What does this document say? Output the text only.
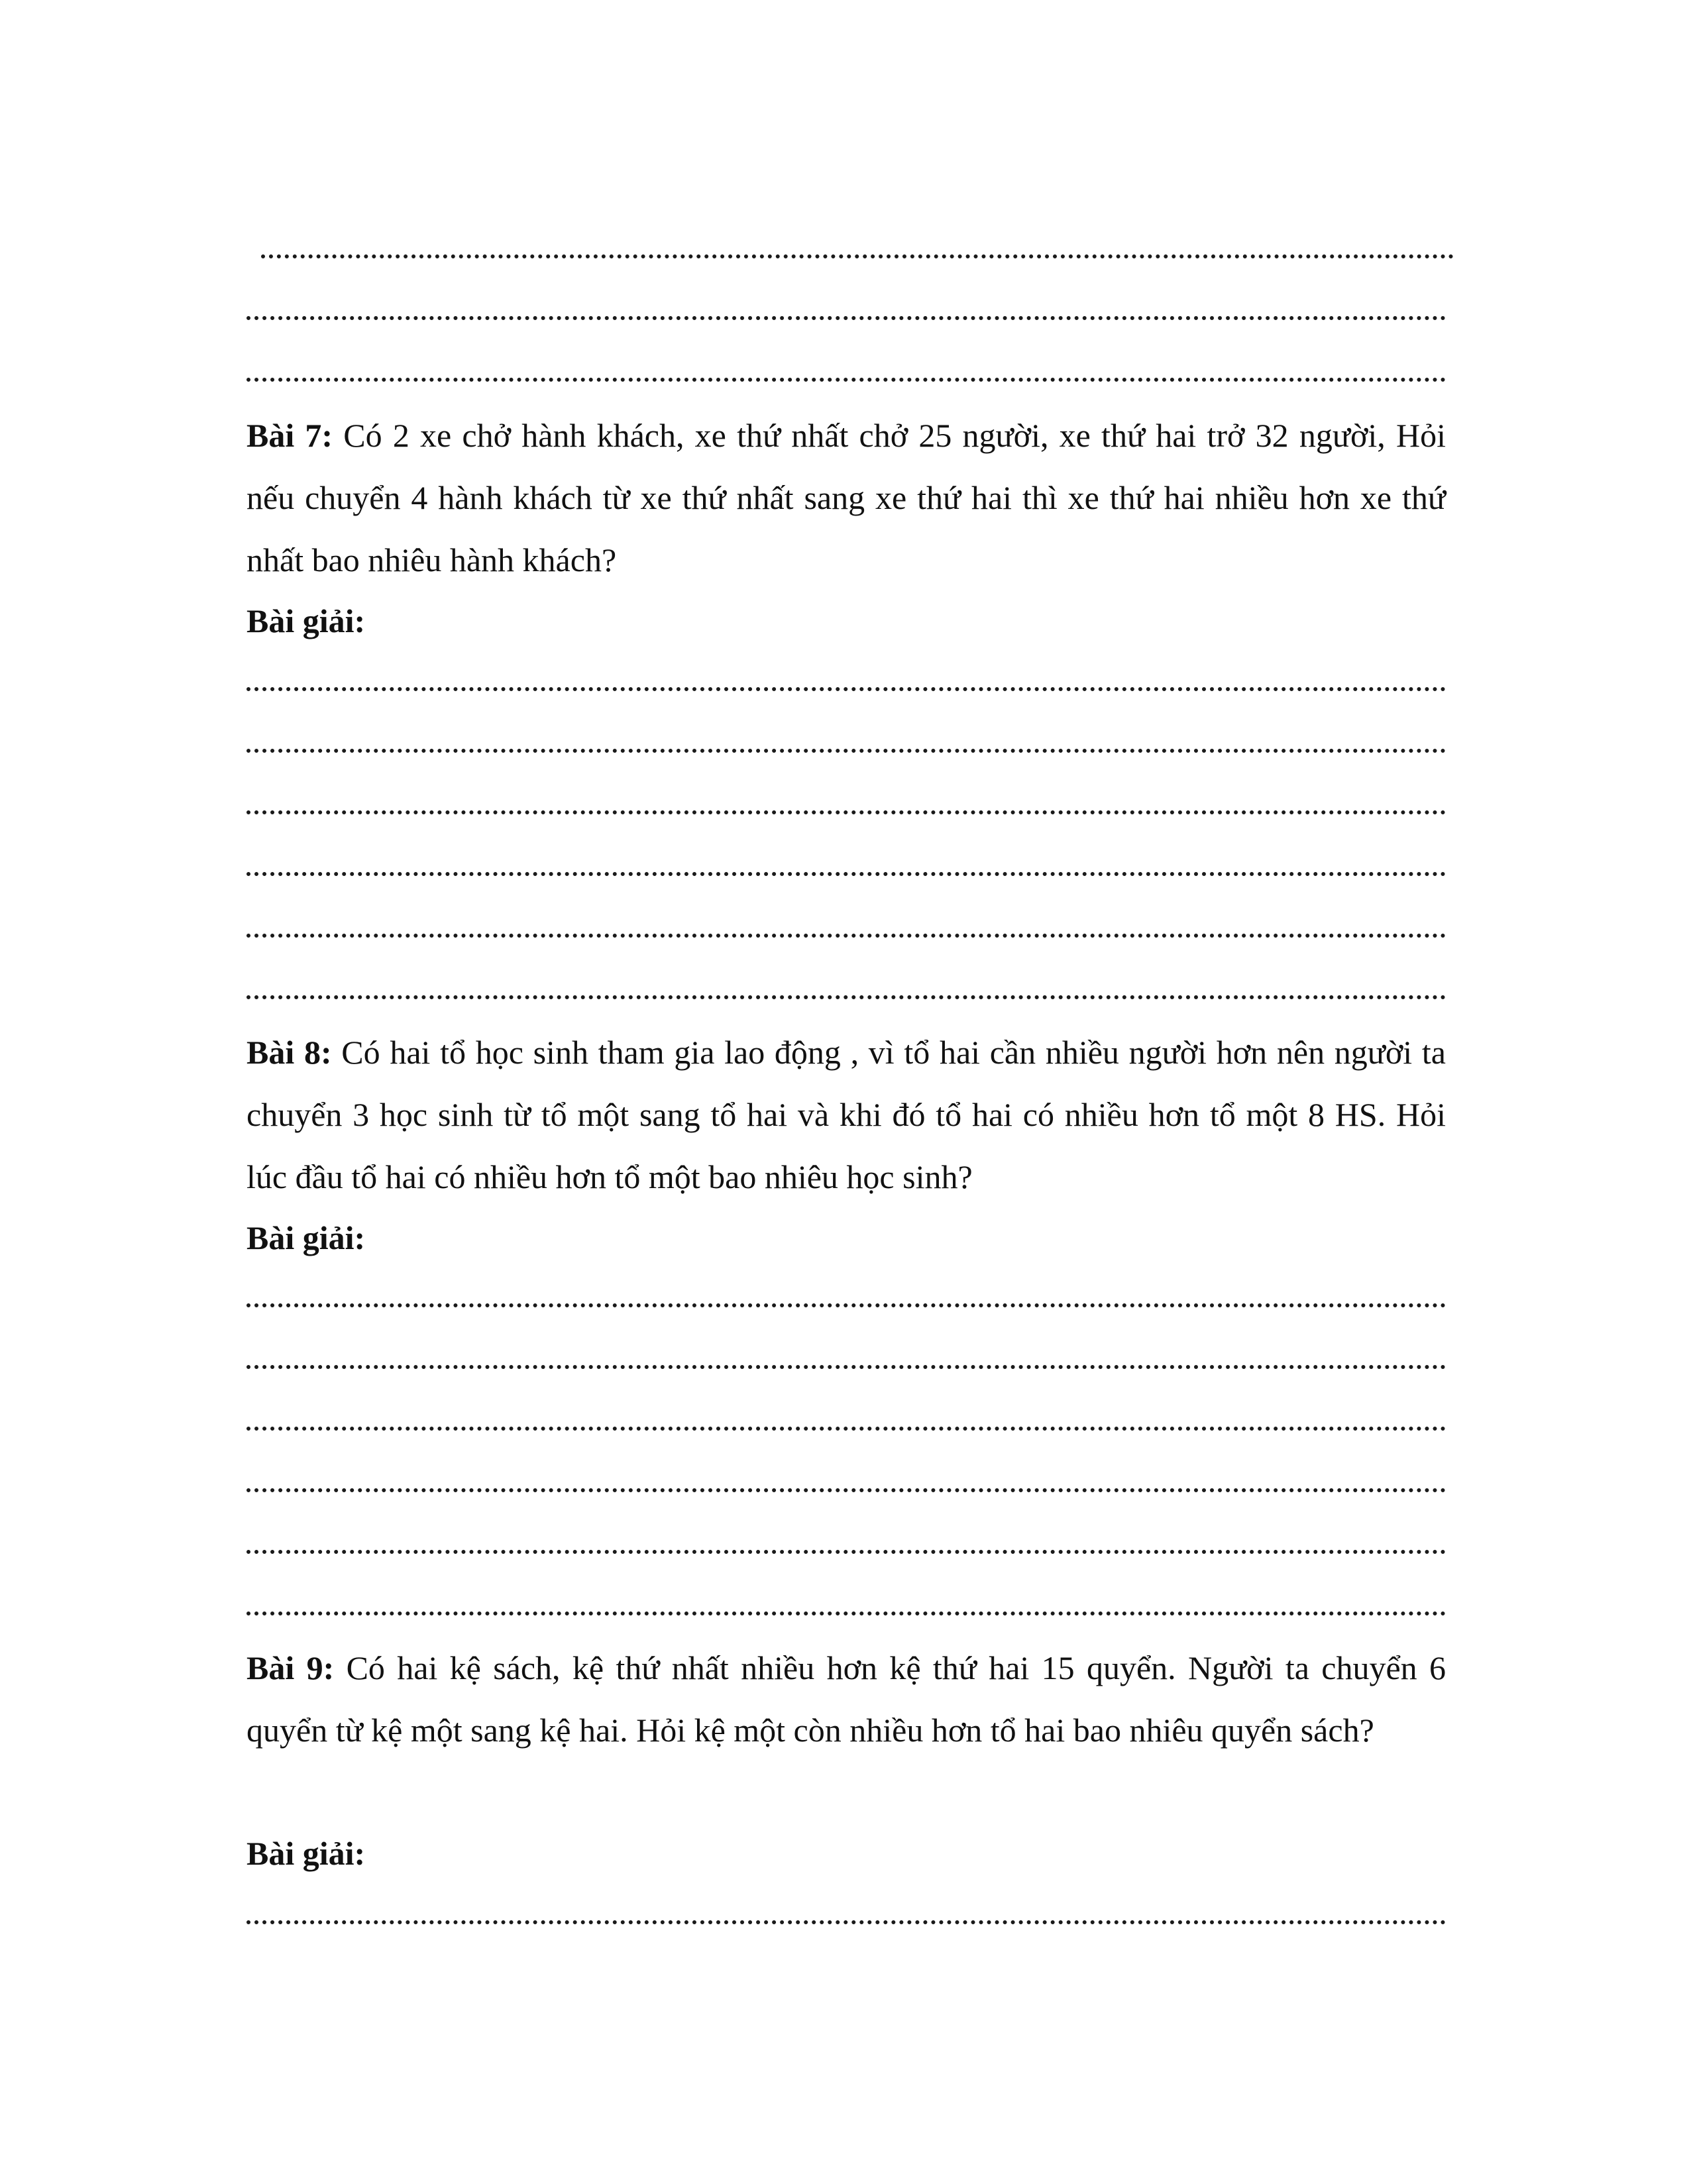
Bài 7: Có 2 xe chở hành khách, xe thứ nhất chở 25 người, xe thứ hai trở 32 người, Hỏi nếu chuyển 4 hành khách từ xe thứ nhất sang xe thứ hai thì xe thứ hai nhiều hơn xe thứ nhất bao nhiêu hành khách?

Bài giải:

Bài 8: Có hai tổ học sinh tham gia lao động , vì tổ hai cần nhiều người hơn nên người ta chuyển 3 học sinh từ tổ một sang tổ hai và khi đó tổ hai có nhiều hơn tổ một 8 HS. Hỏi lúc đầu tổ hai có nhiều hơn tổ một bao nhiêu học sinh?

Bài giải:

Bài 9: Có hai kệ sách, kệ thứ nhất nhiều hơn kệ thứ hai 15 quyển. Người ta chuyển 6 quyển từ kệ một sang kệ hai. Hỏi kệ một còn nhiều hơn tổ hai bao nhiêu quyển sách?

Bài giải:
